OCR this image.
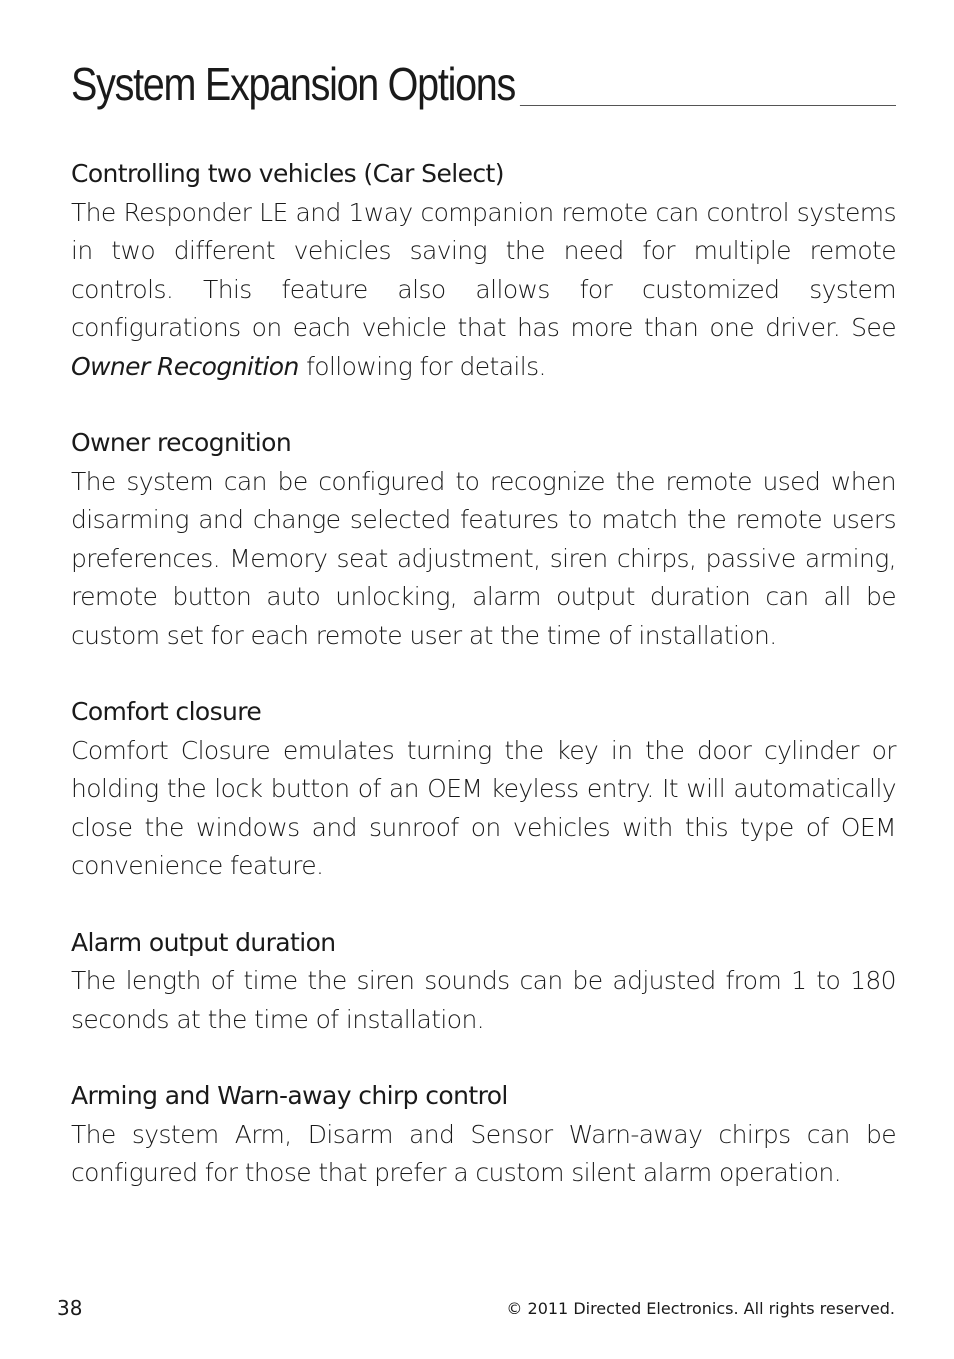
System Expansion Options
Controlling two vehicles (Car Select)

The Responder LE and 1way companion remote can control systems in two different vehicles saving the need for multiple remote controls. This feature also allows for customized system configurations on each vehicle that has more than one driver. See Owner Recognition following for details.

Owner recognition

The system can be configured to recognize the remote used when disarming and change selected features to match the remote users preferences. Memory seat adjustment, siren chirps, passive arming, remote button auto unlocking, alarm output duration can all be custom set for each remote user at the time of installation.

Comfort closure

Comfort Closure emulates turning the key in the door cylinder or holding the lock button of an OEM keyless entry. It will automatically close the windows and sunroof on vehicles with this type of OEM convenience feature.

Alarm output duration

The length of time the siren sounds can be adjusted from 1 to 180 seconds at the time of installation.

Arming and Warn-away chirp control

The system Arm, Disarm and Sensor Warn-away chirps can be configured for those that prefer a custom silent alarm operation.

38	© 2011 Directed Electronics. All rights reserved.
